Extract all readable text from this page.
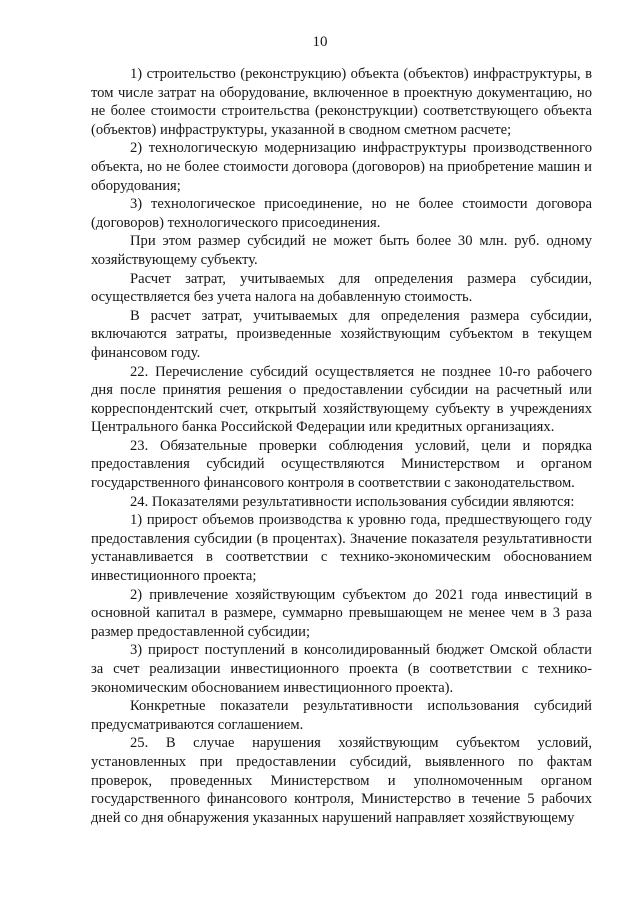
10

1) строительство (реконструкцию) объекта (объектов) инфраструктуры, в том числе затрат на оборудование, включенное в проектную документацию, но не более стоимости строительства (реконструкции) соответствующего объекта (объектов) инфраструктуры, указанной в сводном сметном расчете;

2) технологическую модернизацию инфраструктуры производственного объекта, но не более стоимости договора (договоров) на приобретение машин и оборудования;

3) технологическое присоединение, но не более стоимости договора (договоров) технологического присоединения.

При этом размер субсидий не может быть более 30 млн. руб. одному хозяйствующему субъекту.

Расчет затрат, учитываемых для определения размера субсидии, осуществляется без учета налога на добавленную стоимость.

В расчет затрат, учитываемых для определения размера субсидии, включаются затраты, произведенные хозяйствующим субъектом в текущем финансовом году.

22. Перечисление субсидий осуществляется не позднее 10-го рабочего дня после принятия решения о предоставлении субсидии на расчетный или корреспондентский счет, открытый хозяйствующему субъекту в учреждениях Центрального банка Российской Федерации или кредитных организациях.

23. Обязательные проверки соблюдения условий, цели и порядка предоставления субсидий осуществляются Министерством и органом государственного финансового контроля в соответствии с законодательством.

24. Показателями результативности использования субсидии являются:

1) прирост объемов производства к уровню года, предшествующего году предоставления субсидии (в процентах). Значение показателя результативности устанавливается в соответствии с технико-экономическим обоснованием инвестиционного проекта;

2) привлечение хозяйствующим субъектом до 2021 года инвестиций в основной капитал в размере, суммарно превышающем не менее чем в 3 раза размер предоставленной субсидии;

3) прирост поступлений в консолидированный бюджет Омской области за счет реализации инвестиционного проекта (в соответствии с технико-экономическим обоснованием инвестиционного проекта).

Конкретные показатели результативности использования субсидий предусматриваются соглашением.

25. В случае нарушения хозяйствующим субъектом условий, установленных при предоставлении субсидий, выявленного по фактам проверок, проведенных Министерством и уполномоченным органом государственного финансового контроля, Министерство в течение 5 рабочих дней со дня обнаружения указанных нарушений направляет хозяйствующему
